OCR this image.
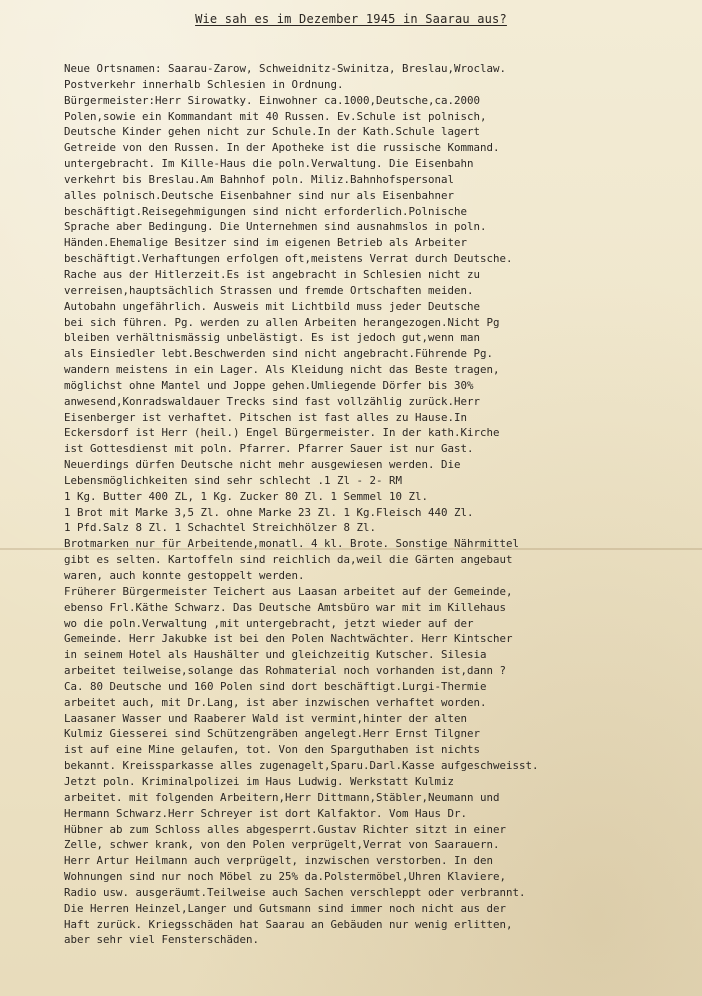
Wie sah es im Dezember 1945 in Saarau aus?
Neue Ortsnamen: Saarau-Zarow, Schweidnitz-Swinitza, Breslau,Wroclaw.
Postverkehr innerhalb Schlesien in Ordnung.
Bürgermeister:Herr Sirowatky. Einwohner ca.1000,Deutsche,ca.2000
Polen,sowie ein Kommandant mit 40 Russen. Ev.Schule ist polnisch,
Deutsche Kinder gehen nicht zur Schule.In der Kath.Schule lagert
Getreide von den Russen. In der Apotheke ist die russische Kommand.
untergebracht. Im Kille-Haus die poln.Verwaltung. Die Eisenbahn
verkehrt bis Breslau.Am Bahnhof poln. Miliz.Bahnhofspersonal
alles polnisch.Deutsche Eisenbahner sind nur als Eisenbahner
beschäftigt.Reisegehmigungen sind nicht erforderlich.Polnische
Sprache aber Bedingung. Die Unternehmen sind ausnahmslos in poln.
Händen.Ehemalige Besitzer sind im eigenen Betrieb als Arbeiter
beschäftigt.Verhaftungen erfolgen oft,meistens Verrat durch Deutsche.
Rache aus der Hitlerzeit.Es ist angebracht in Schlesien nicht zu
verreisen,hauptsächlich Strassen und fremde Ortschaften meiden.
Autobahn ungefährlich. Ausweis mit Lichtbild muss jeder Deutsche
bei sich führen. Pg. werden zu allen Arbeiten herangezogen.Nicht Pg
bleiben verhältnismässig unbelästigt. Es ist jedoch gut,wenn man
als Einsiedler lebt.Beschwerden sind nicht angebracht.Führende Pg.
wandern meistens in ein Lager. Als Kleidung nicht das Beste tragen,
möglichst ohne Mantel und Joppe gehen.Umliegende Dörfer bis 30%
anwesend,Konradswaldauer Trecks sind fast vollzählig zurück.Herr
Eisenberger ist verhaftet. Pitschen ist fast alles zu Hause.In
Eckersdorf ist Herr (heil.) Engel Bürgermeister. In der kath.Kirche
ist Gottesdienst mit poln. Pfarrer. Pfarrer Sauer ist nur Gast.
Neuerdings dürfen Deutsche nicht mehr ausgewiesen werden. Die
Lebensmöglichkeiten sind sehr schlecht .1 Zl - 2- RM
1 Kg. Butter 400 ZL, 1 Kg. Zucker 80 Zl. 1 Semmel 10 Zl.
1 Brot mit Marke 3,5 Zl. ohne Marke 23 Zl. 1 Kg.Fleisch 440 Zl.
1 Pfd.Salz 8 Zl. 1 Schachtel Streichhölzer 8 Zl.
Brotmarken nur für Arbeitende,monatl. 4 kl. Brote. Sonstige Nährmittel
gibt es selten. Kartoffeln sind reichlich da,weil die Gärten angebaut
waren, auch konnte gestoppelt werden.
Früherer Bürgermeister Teichert aus Laasan arbeitet auf der Gemeinde,
ebenso Frl.Käthe Schwarz. Das Deutsche Amtsbüro war mit im Killehaus
wo die poln.Verwaltung ,mit untergebracht, jetzt wieder auf der
Gemeinde. Herr Jakubke ist bei den Polen Nachtwächter. Herr Kintscher
in seinem Hotel als Haushälter und gleichzeitig Kutscher. Silesia
arbeitet teilweise,solange das Rohmaterial noch vorhanden ist,dann ?
Ca. 80 Deutsche und 160 Polen sind dort beschäftigt.Lurgi-Thermie
arbeitet auch, mit Dr.Lang, ist aber inzwischen verhaftet worden.
Laasaner Wasser und Raaberer Wald ist vermint,hinter der alten
Kulmiz Giesserei sind Schützengräben angelegt.Herr Ernst Tilgner
ist auf eine Mine gelaufen, tot. Von den Sparguthaben ist nichts
bekannt. Kreissparkasse alles zugenagelt,Sparu.Darl.Kasse aufgeschweisst.
Jetzt poln. Kriminalpolizei im Haus Ludwig. Werkstatt Kulmiz
arbeitet. mit folgenden Arbeitern,Herr Dittmann,Stäbler,Neumann und
Hermann Schwarz.Herr Schreyer ist dort Kalfaktor. Vom Haus Dr.
Hübner ab zum Schloss alles abgesperrt.Gustav Richter sitzt in einer
Zelle, schwer krank, von den Polen verprügelt,Verrat von Saarauern.
Herr Artur Heilmann auch verprügelt, inzwischen verstorben. In den
Wohnungen sind nur noch Möbel zu 25% da.Polstermöbel,Uhren Klaviere,
Radio usw. ausgeräumt.Teilweise auch Sachen verschleppt oder verbrannt.
Die Herren Heinzel,Langer und Gutsmann sind immer noch nicht aus der
Haft zurück. Kriegsschäden hat Saarau an Gebäuden nur wenig erlitten,
aber sehr viel Fensterschäden.
